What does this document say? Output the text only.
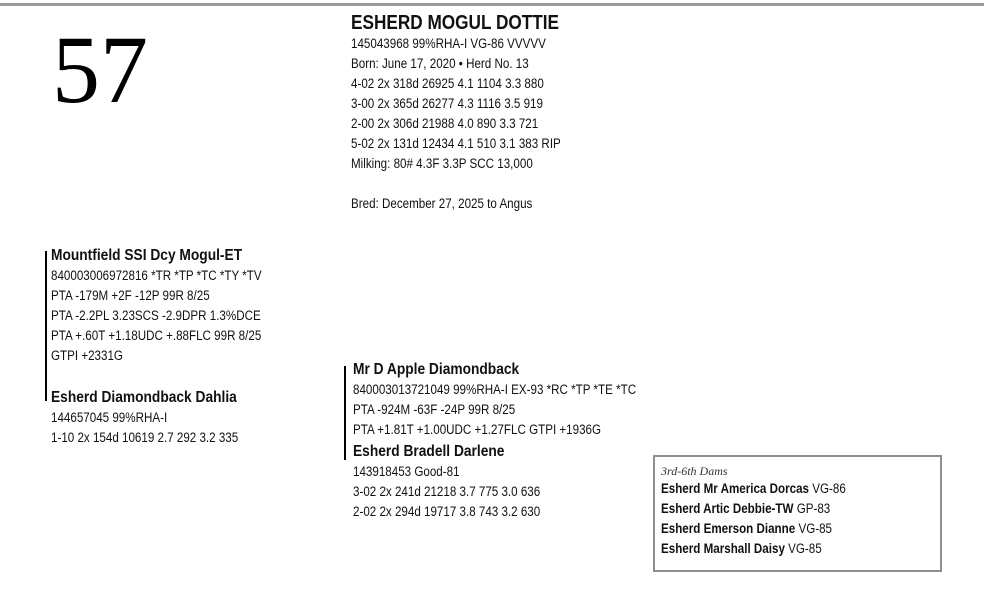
57	ESHERD MOGUL DOTTIE
145043968 99%RHA-I VG-86 VVVVV
Born: June 17, 2020 • Herd No. 13
4-02 2x 318d 26925 4.1 1104 3.3 880
3-00 2x 365d 26277 4.3 1116 3.5 919
2-00 2x 306d 21988 4.0 890 3.3 721
5-02 2x 131d 12434 4.1 510 3.1 383 RIP
Milking: 80# 4.3F 3.3P SCC 13,000
Bred: December 27, 2025 to Angus
Mountfield SSI Dcy Mogul-ET
840003006972816 *TR *TP *TC *TY *TV
PTA -179M +2F -12P 99R 8/25
PTA -2.2PL 3.23SCS -2.9DPR 1.3%DCE
PTA +.60T +1.18UDC +.88FLC 99R 8/25
GTPI +2331G
Esherd Diamondback Dahlia
144657045 99%RHA-I
1-10 2x 154d 10619 2.7 292 3.2 335
Mr D Apple Diamondback
840003013721049 99%RHA-I EX-93 *RC *TP *TE *TC
PTA -924M -63F -24P 99R 8/25
PTA +1.81T +1.00UDC +1.27FLC GTPI +1936G
Esherd Bradell Darlene
143918453 Good-81
3-02 2x 241d 21218 3.7 775 3.0 636
2-02 2x 294d 19717 3.8 743 3.2 630
3rd-6th Dams
Esherd Mr America Dorcas VG-86
Esherd Artic Debbie-TW GP-83
Esherd Emerson Dianne VG-85
Esherd Marshall Daisy VG-85
